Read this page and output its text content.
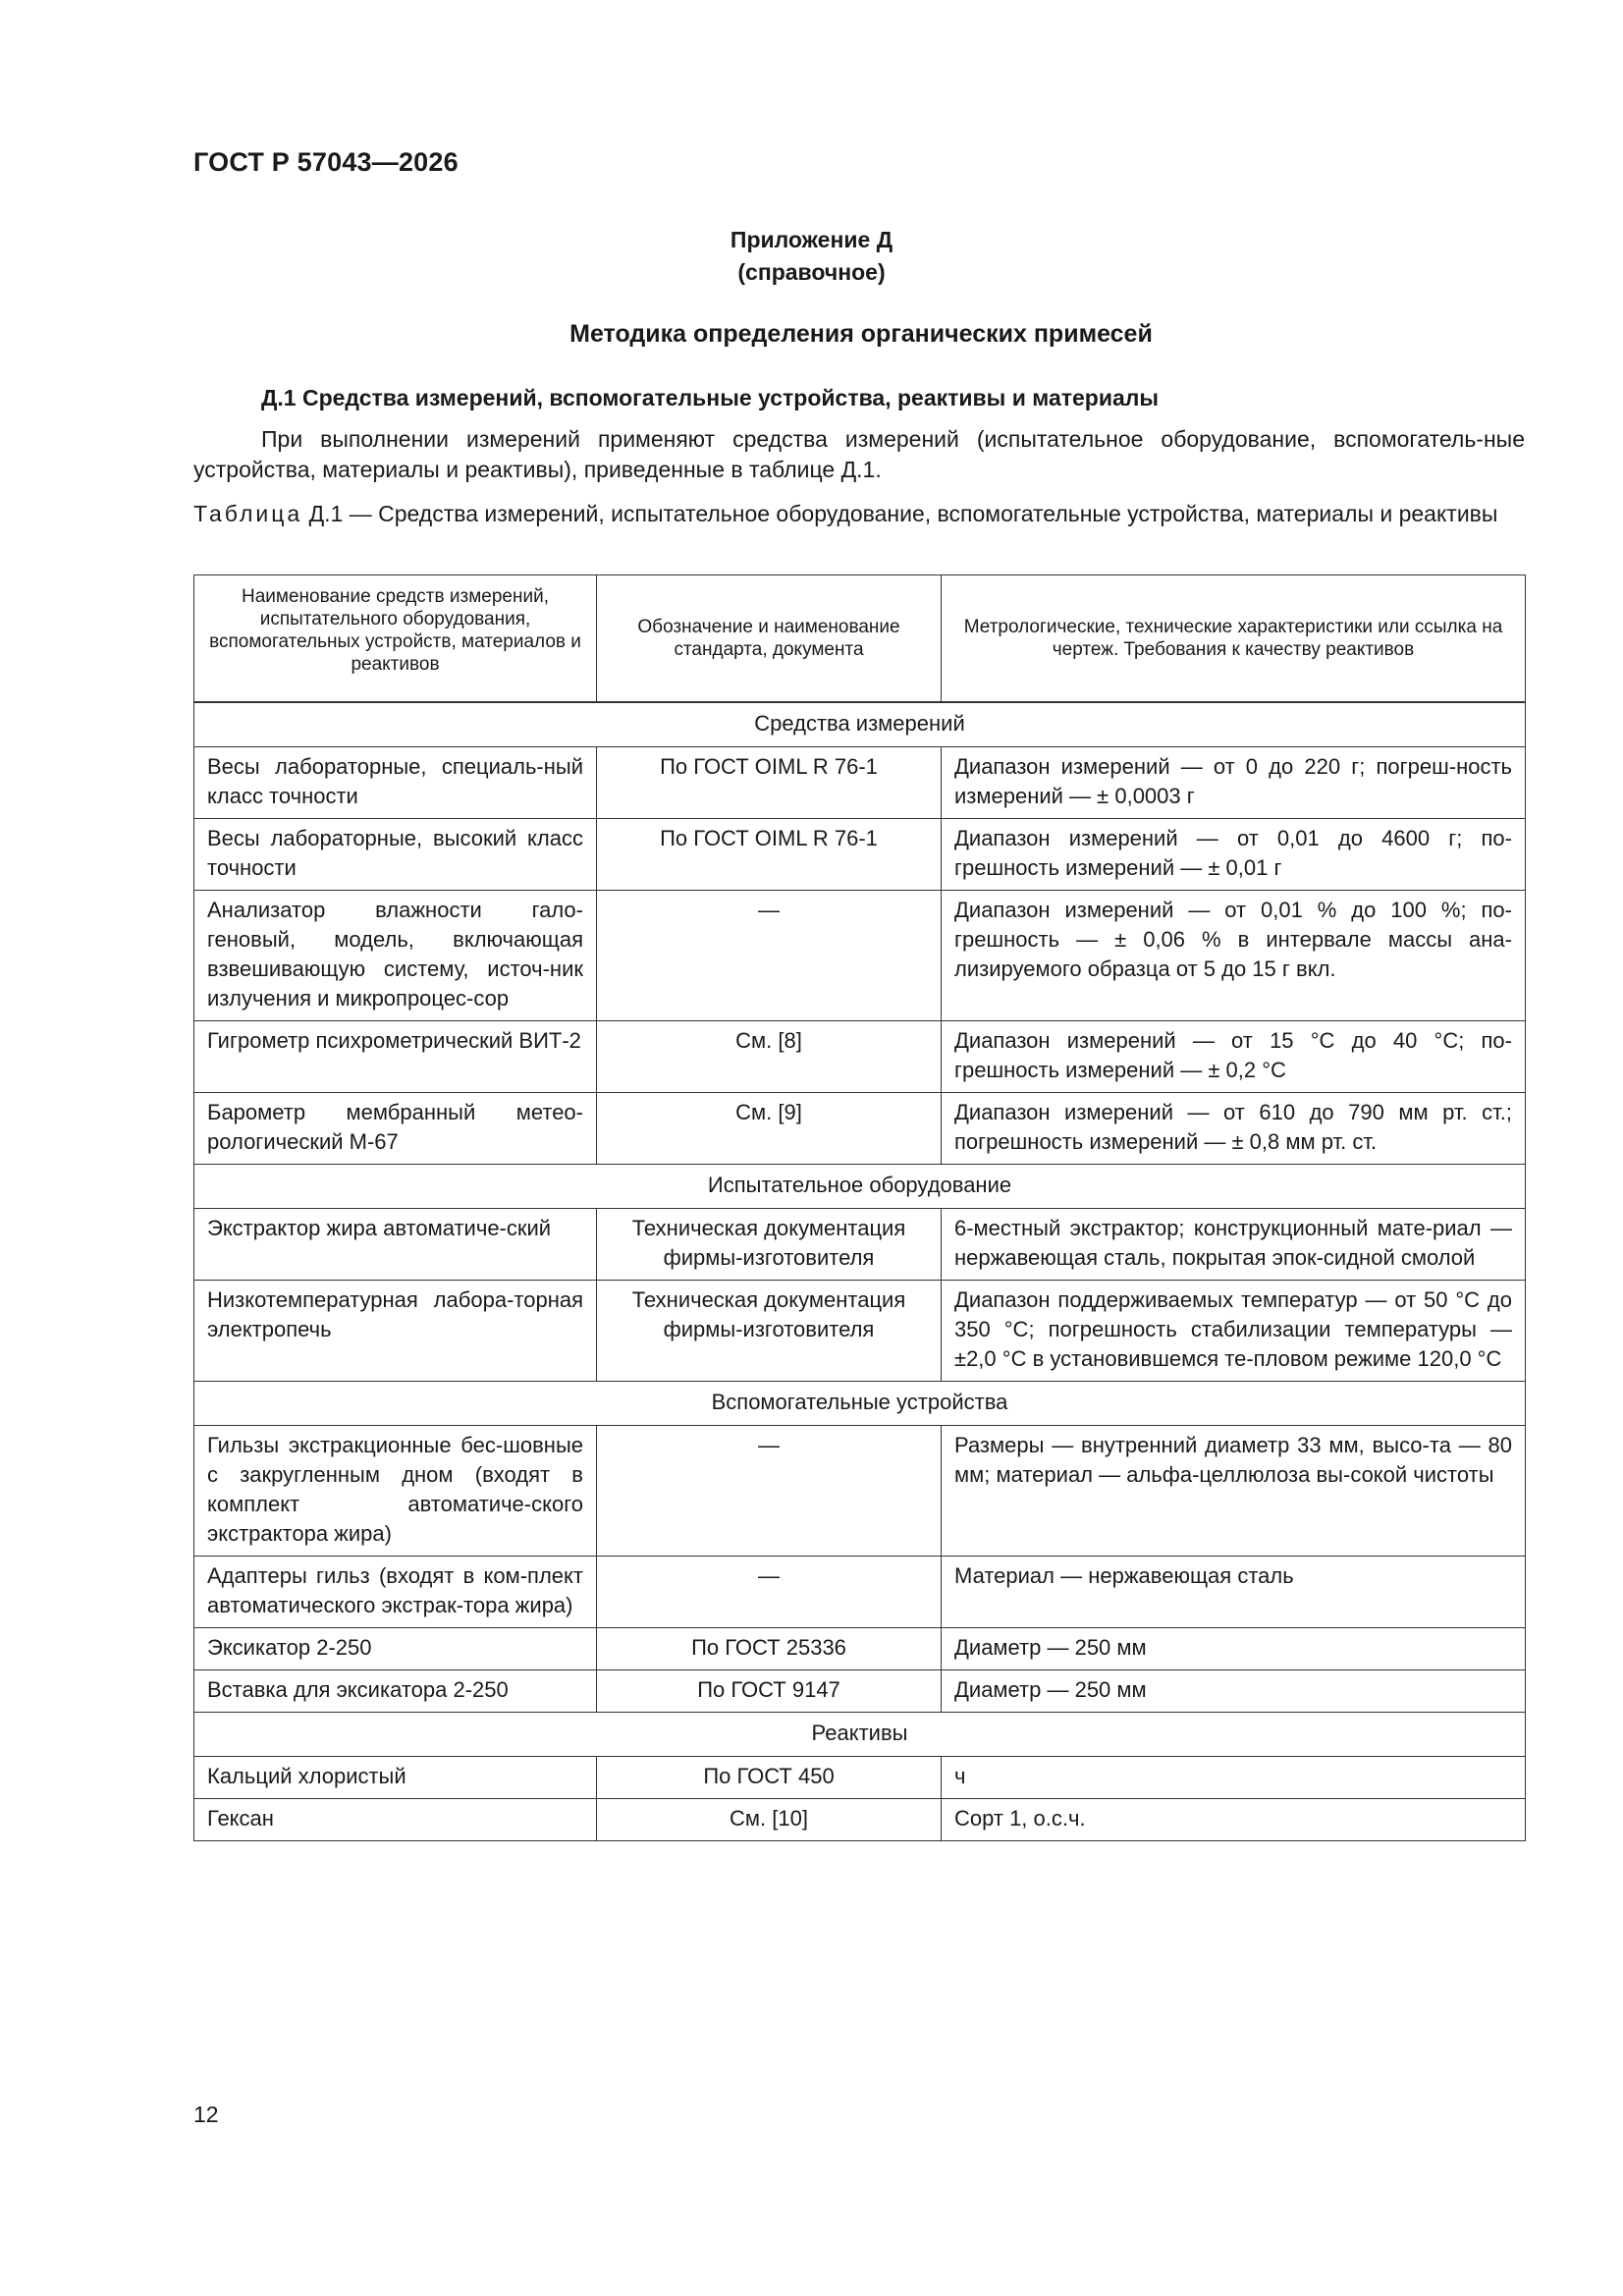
ГОСТ Р 57043—2026
Приложение Д
(справочное)
Методика определения органических примесей
Д.1 Средства измерений, вспомогательные устройства, реактивы и материалы
При выполнении измерений применяют средства измерений (испытательное оборудование, вспомогатель-ные устройства, материалы и реактивы), приведенные в таблице Д.1.
Таблица Д.1 — Средства измерений, испытательное оборудование, вспомогательные устройства, материалы и реактивы
Наименование средств измерений, испытательного оборудования, вспомогательных устройств, материалов и реактивов	Обозначение и наименование стандарта, документа	Метрологические, технические характеристики или ссылка на чертеж. Требования к качеству реактивов

Средства измерений		
Весы лабораторные, специаль-ный класс точности	По ГОСТ OIML R 76-1	Диапазон измерений — от 0 до 220 г; погреш-ность измерений — ± 0,0003 г
Весы лабораторные, высокий класс точности	По ГОСТ OIML R 76-1	Диапазон измерений — от 0,01 до 4600 г; по-грешность измерений — ± 0,01 г
Анализатор влажности гало-геновый, модель, включающая взвешивающую систему, источ-ник излучения и микропроцес-сор	—	Диапазон измерений — от 0,01 % до 100 %; по-грешность — ± 0,06 % в интервале массы ана-лизируемого образца от 5 до 15 г вкл.
Гигрометр психрометрический ВИТ-2	См. [8]	Диапазон измерений — от 15 °C до 40 °C; по-грешность измерений — ± 0,2 °C
Барометр мембранный метео-рологический М-67	См. [9]	Диапазон измерений — от 610 до 790 мм рт. ст.; погрешность измерений — ± 0,8 мм рт. ст.
Испытательное оборудование		
Экстрактор жира автоматиче-ский	Техническая документация фирмы-изготовителя	6-местный экстрактор; конструкционный мате-риал — нержавеющая сталь, покрытая эпок-сидной смолой
Низкотемпературная лабора-торная электропечь	Техническая документация фирмы-изготовителя	Диапазон поддерживаемых температур — от 50 °C до 350 °C; погрешность стабилизации температуры — ±2,0 °C в установившемся те-пловом режиме 120,0 °C
Вспомогательные устройства		
Гильзы экстракционные бес-шовные с закругленным дном (входят в комплект автоматиче-ского экстрактора жира)	—	Размеры — внутренний диаметр 33 мм, высо-та — 80 мм; материал — альфа-целлюлоза вы-сокой чистоты
Адаптеры гильз (входят в ком-плект автоматического экстрак-тора жира)	—	Материал — нержавеющая сталь
Эксикатор 2-250	По ГОСТ 25336	Диаметр — 250 мм
Вставка для эксикатора 2-250	По ГОСТ 9147	Диаметр — 250 мм
Реактивы		
Кальций хлористый	По ГОСТ 450	ч
Гексан	См. [10]	Сорт 1, о.с.ч.
12
